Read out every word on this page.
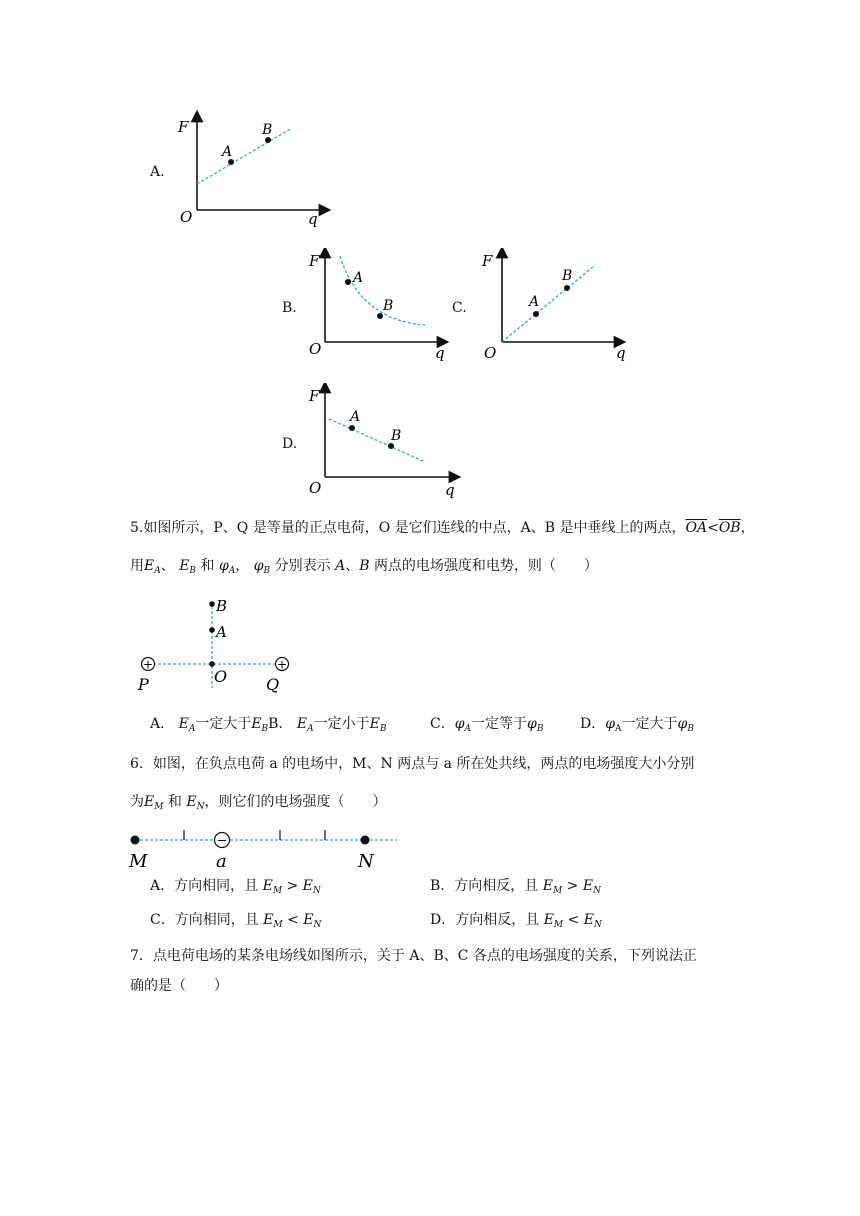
A.
F
q
O
A
B
B.
F
q
O
A
B	C.
F
q
O
A
B
D.
F
q
O
A
B
5.如图所示，P、Q 是等量的正点电荷，O 是它们连线的中点，A、B 是中垂线上的两点，$\overline{OA}<\overline{OB}$，
用$E_A$、 $E_B$ 和 $\varphi_A$， $\varphi_B$ 分别表示 A、B 两点的电场强度和电势，则（　　）
+	+
P	Q
O
A
B
A． $E_A$一定大于$E_BB$． $E_A$一定小于$E_B$	C．$\varphi_A$一定等于$\varphi_B$	D．$\varphi_A$一定大于$\varphi_B$
6．如图，在负点电荷 a 的电场中，M、N 两点与 a 所在处共线，两点的电场强度大小分别
为$E_M$ 和 $E_N$，则它们的电场强度（　　）
−
M	a	N
A．方向相同，且 $E_M > E_N$	B．方向相反，且 $E_M > E_N$
C．方向相同，且 $E_M < E_N$	D．方向相反，且 $E_M < E_N$
7．点电荷电场的某条电场线如图所示，关于 A、B、C 各点的电场强度的关系，下列说法正
确的是（　　）
